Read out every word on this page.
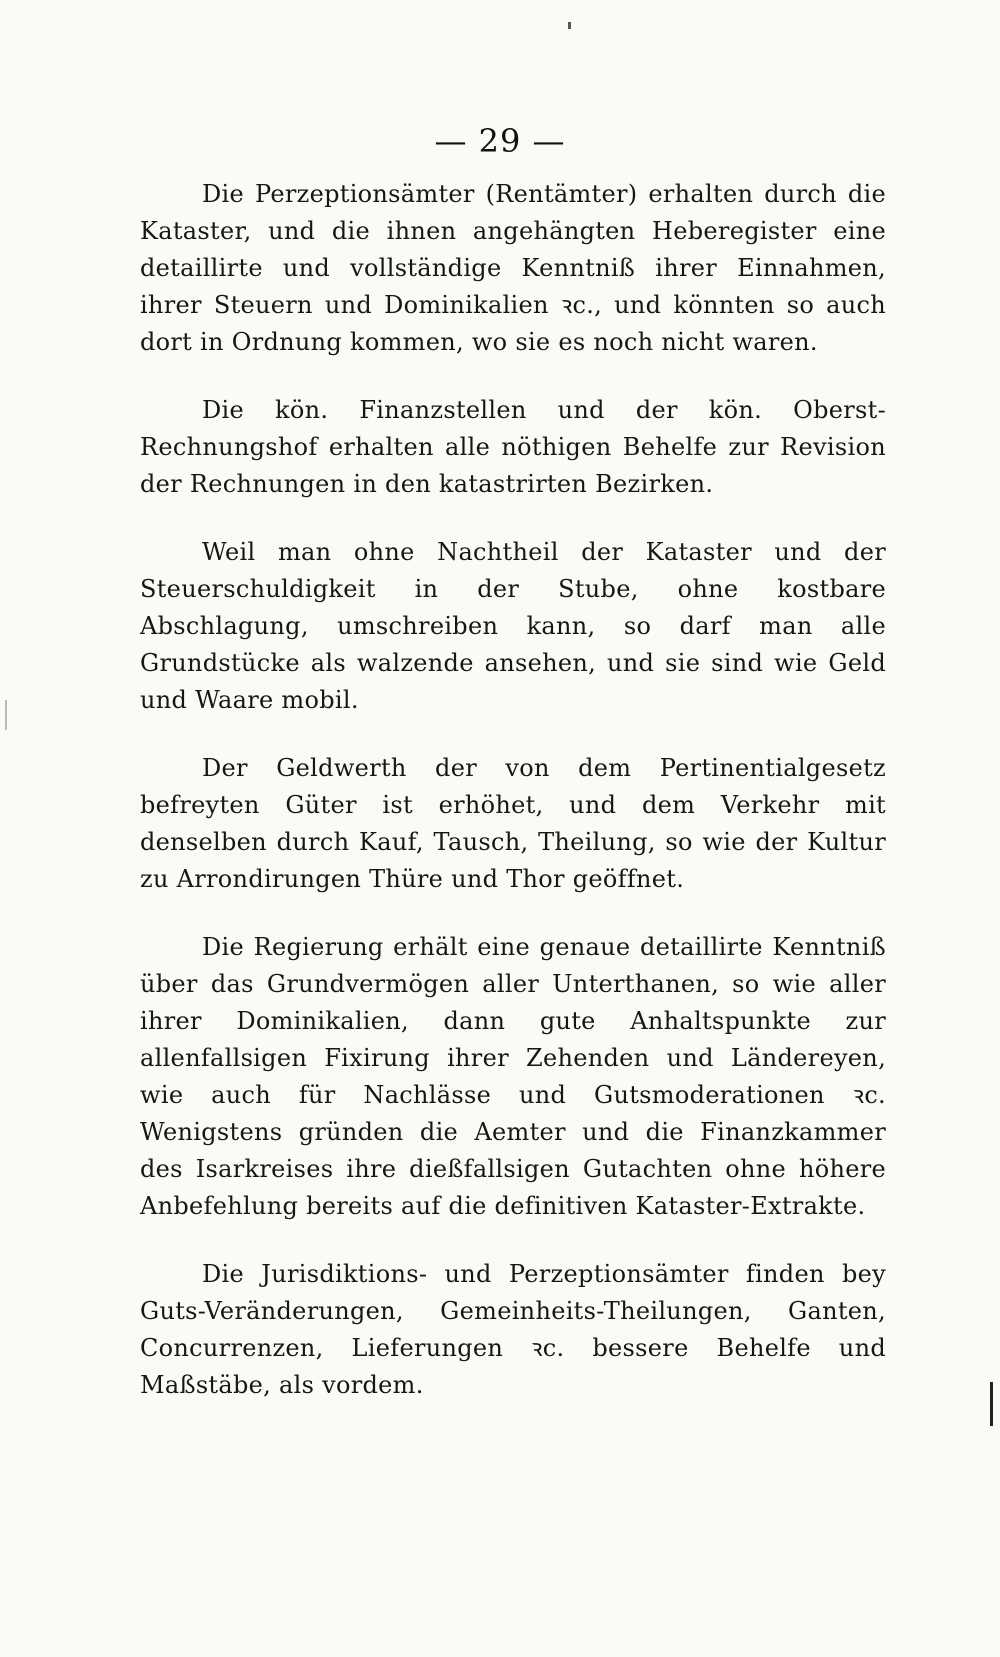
— 29 —

Die Perzeptionsämter (Rentämter) erhalten durch die Kataster, und die ihnen angehängten Heberegister eine detaillirte und vollständige Kenntniß ihrer Einnahmen, ihrer Steuern und Dominikalien ꝛc., und könnten so auch dort in Ordnung kommen, wo sie es noch nicht waren.

Die kön. Finanzstellen und der kön. Oberst-Rechnungshof erhalten alle nöthigen Behelfe zur Revision der Rechnungen in den katastrirten Bezirken.

Weil man ohne Nachtheil der Kataster und der Steuerschuldigkeit in der Stube, ohne kostbare Abschlagung, umschreiben kann, so darf man alle Grundstücke als walzende ansehen, und sie sind wie Geld und Waare mobil.

Der Geldwerth der von dem Pertinentialgesetz befreyten Güter ist erhöhet, und dem Verkehr mit denselben durch Kauf, Tausch, Theilung, so wie der Kultur zu Arrondirungen Thüre und Thor geöffnet.

Die Regierung erhält eine genaue detaillirte Kenntniß über das Grundvermögen aller Unterthanen, so wie aller ihrer Dominikalien, dann gute Anhaltspunkte zur allenfallsigen Fixirung ihrer Zehenden und Ländereyen, wie auch für Nachlässe und Gutsmoderationen ꝛc. Wenigstens gründen die Aemter und die Finanzkammer des Isarkreises ihre dießfallsigen Gutachten ohne höhere Anbefehlung bereits auf die definitiven Kataster-Extrakte.

Die Jurisdiktions- und Perzeptionsämter finden bey Guts-Veränderungen, Gemeinheits-Theilungen, Ganten, Concurrenzen, Lieferungen ꝛc. bessere Behelfe und Maßstäbe, als vordem.
